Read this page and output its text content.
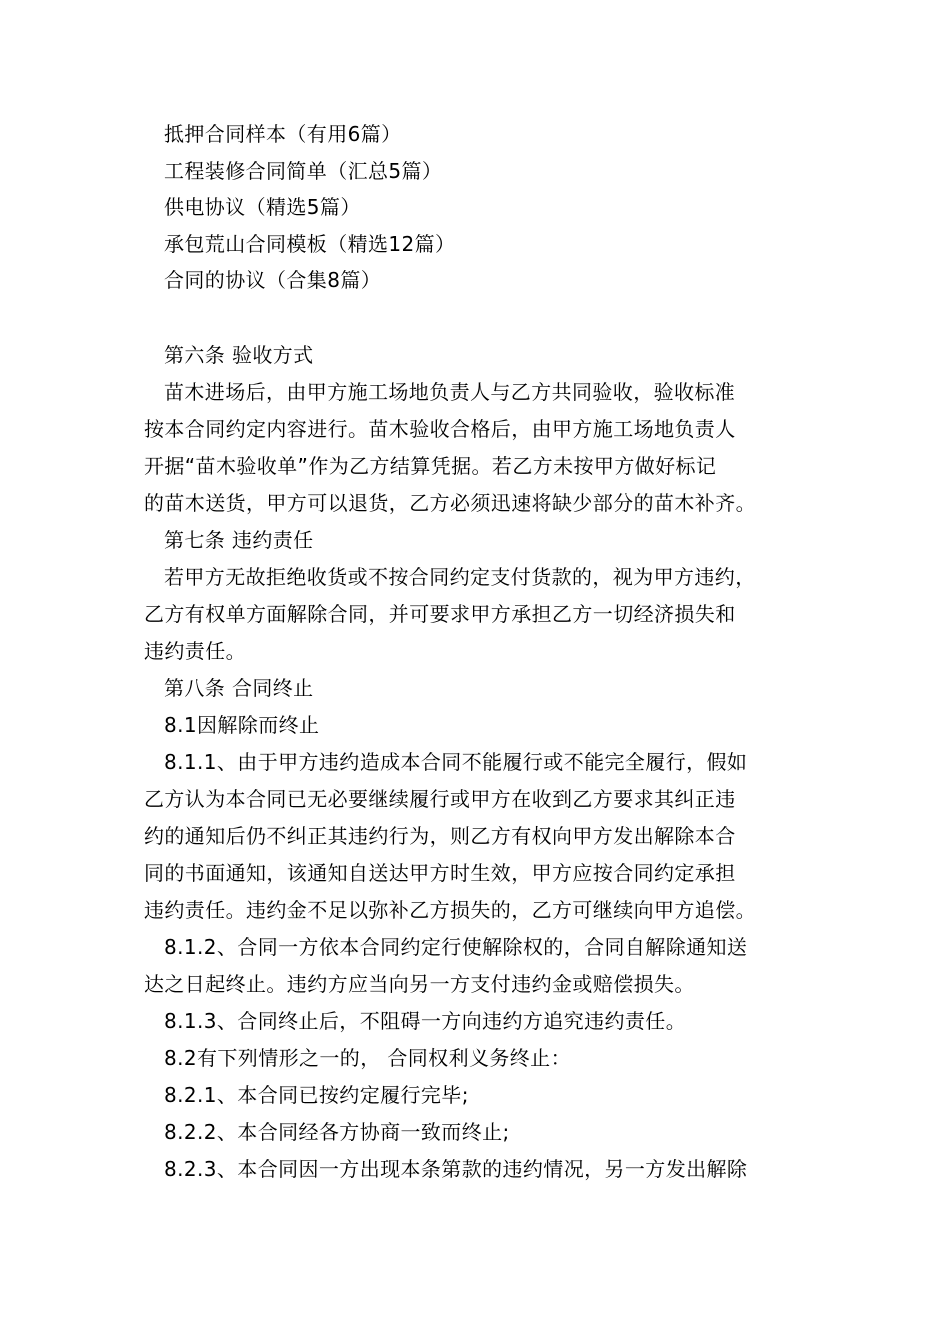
抵押合同样本（有用6篇）

工程装修合同简单（汇总5篇）

供电协议（精选5篇）

承包荒山合同模板（精选12篇）

合同的协议（合集8篇）

第六条 验收方式

苗木进场后，由甲方施工场地负责人与乙方共同验收，验收标准

按本合同约定内容进行。苗木验收合格后，由甲方施工场地负责人

开据“苗木验收单”作为乙方结算凭据。若乙方未按甲方做好标记

的苗木送货，甲方可以退货，乙方必须迅速将缺少部分的苗木补齐。

第七条 违约责任

若甲方无故拒绝收货或不按合同约定支付货款的，视为甲方违约，

乙方有权单方面解除合同，并可要求甲方承担乙方一切经济损失和

违约责任。

第八条 合同终止

8.1因解除而终止

8.1.1、由于甲方违约造成本合同不能履行或不能完全履行，假如

乙方认为本合同已无必要继续履行或甲方在收到乙方要求其纠正违

约的通知后仍不纠正其违约行为，则乙方有权向甲方发出解除本合

同的书面通知，该通知自送达甲方时生效，甲方应按合同约定承担

违约责任。违约金不足以弥补乙方损失的，乙方可继续向甲方追偿。

8.1.2、合同一方依本合同约定行使解除权的，合同自解除通知送

达之日起终止。违约方应当向另一方支付违约金或赔偿损失。

8.1.3、合同终止后，不阻碍一方向违约方追究违约责任。

8.2有下列情形之一的， 合同权利义务终止：

8.2.1、本合同已按约定履行完毕;

8.2.2、本合同经各方协商一致而终止;

8.2.3、本合同因一方出现本条第款的违约情况，另一方发出解除
